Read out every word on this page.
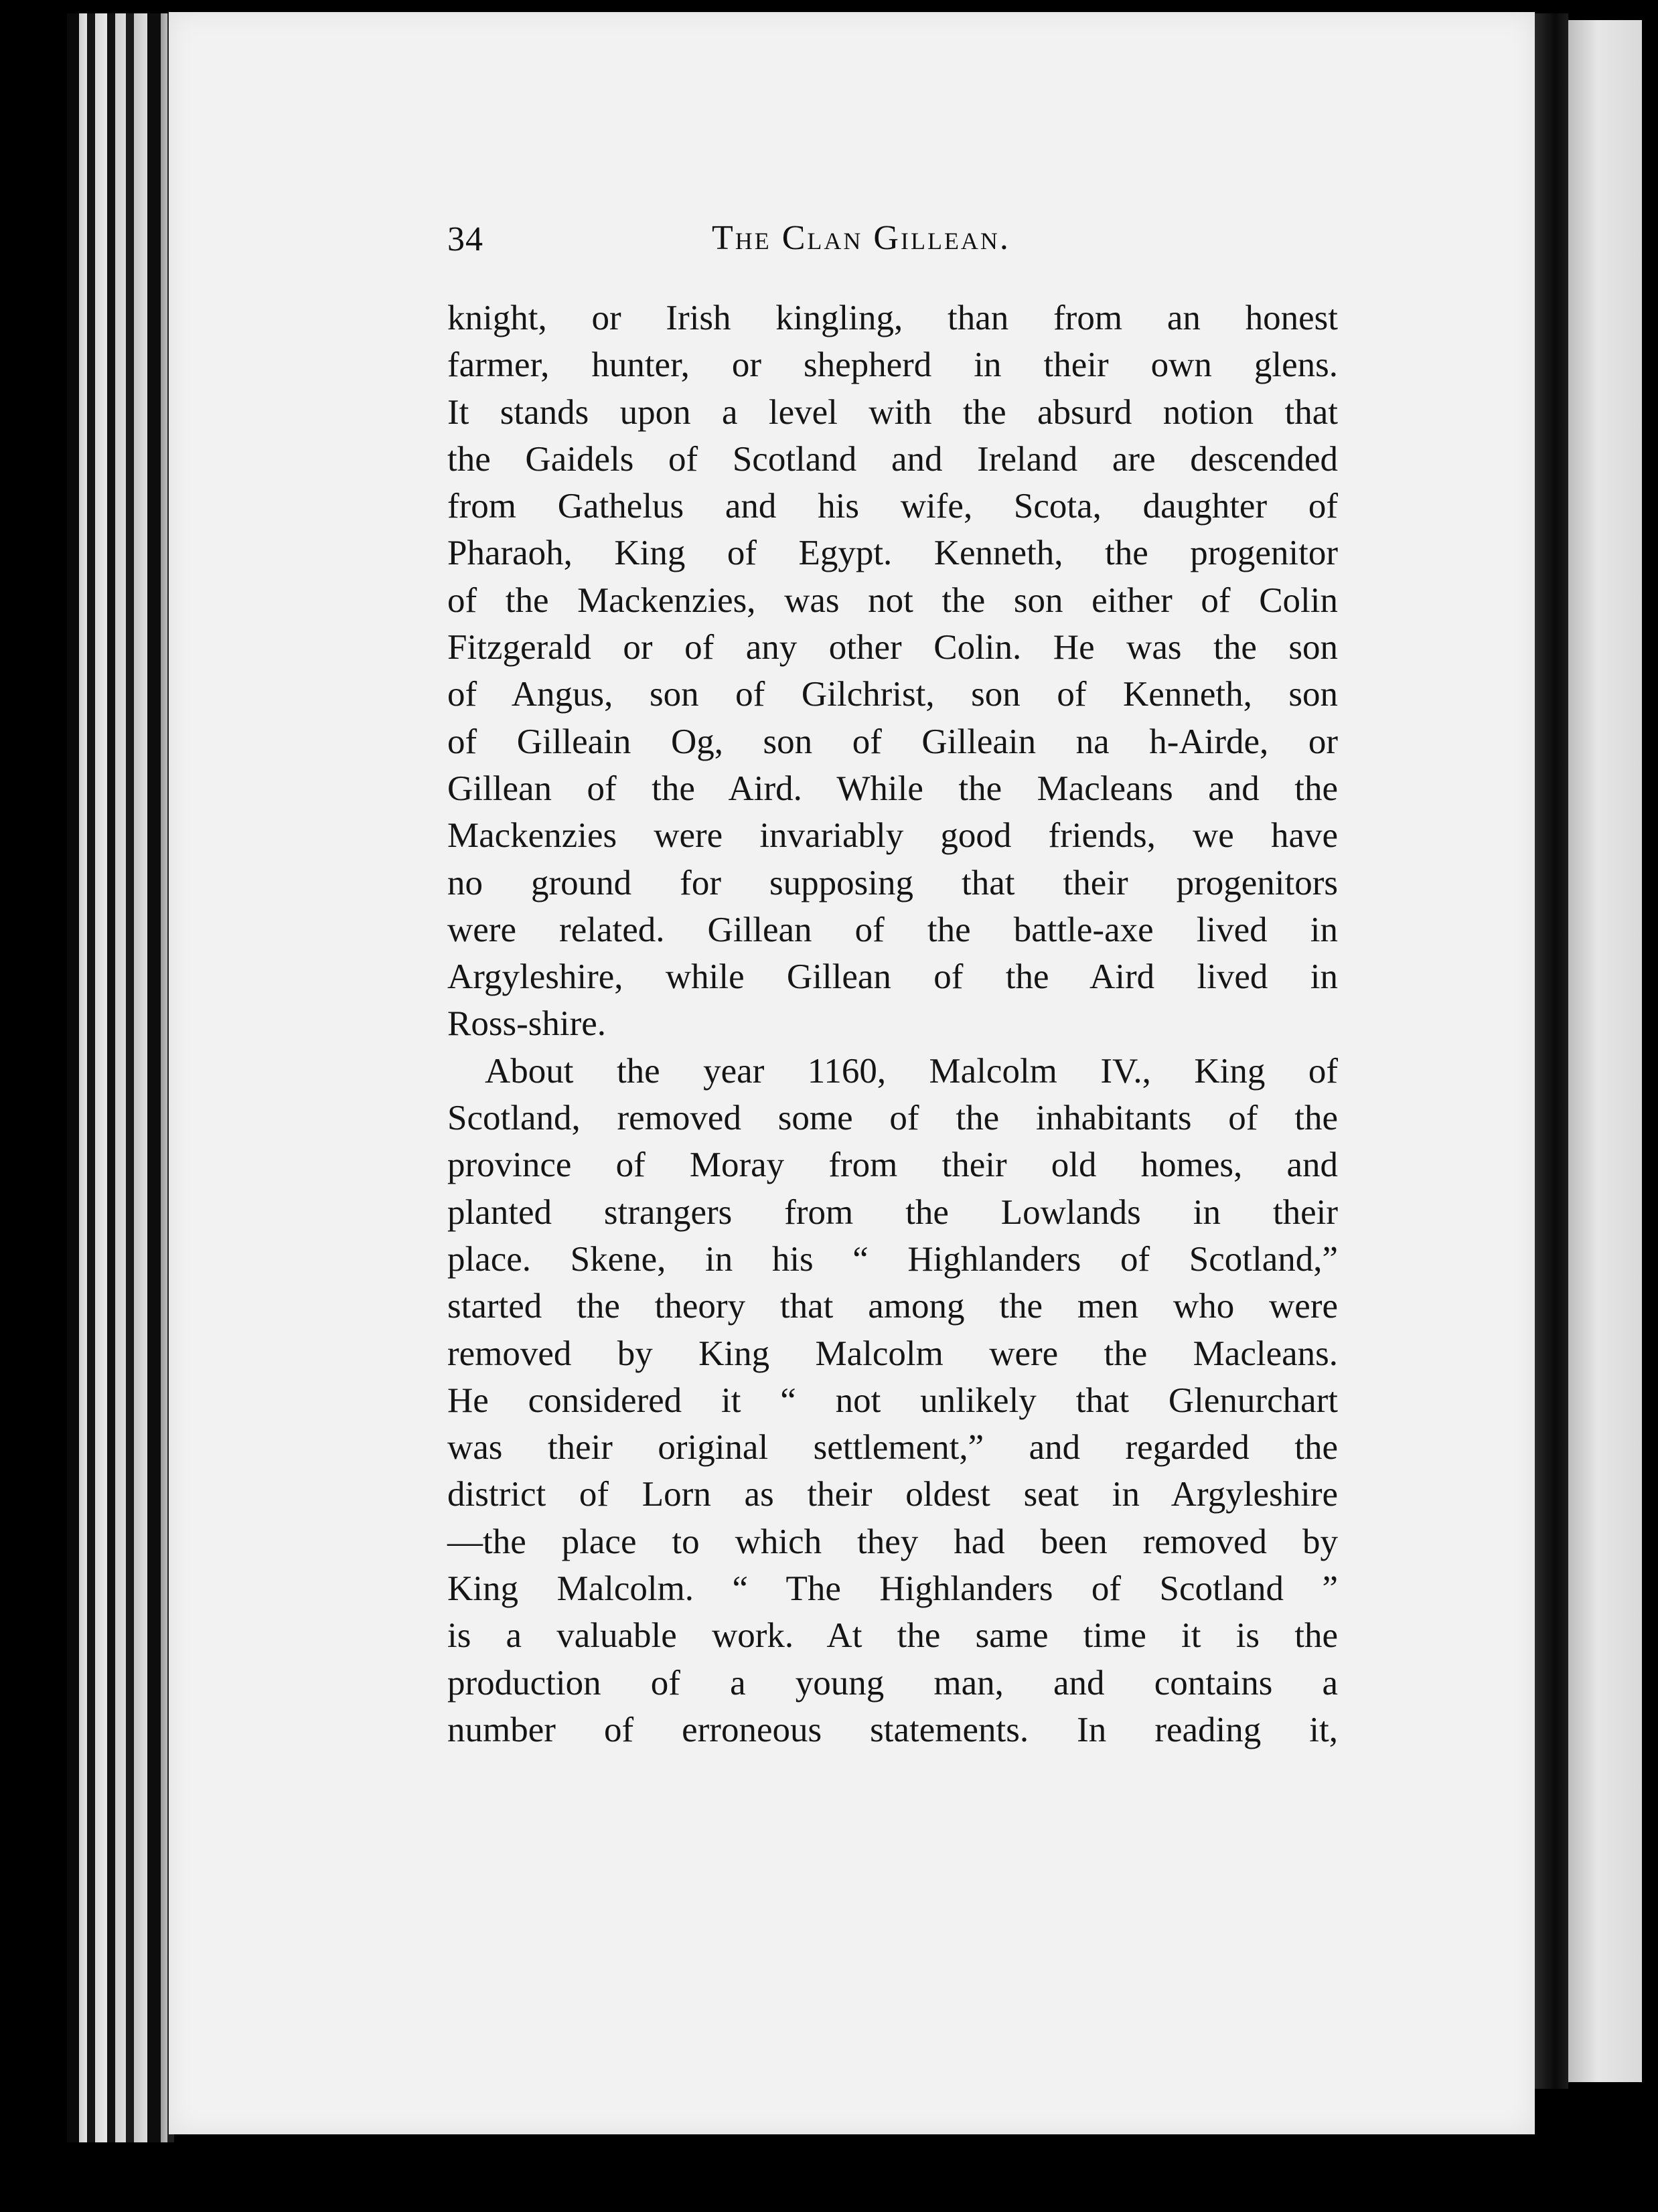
34	The Clan Gillean.
knight, or Irish kingling, than from an honest
farmer, hunter, or shepherd in their own glens.
It stands upon a level with the absurd notion that
the Gaidels of Scotland and Ireland are descended
from Gathelus and his wife, Scota, daughter of
Pharaoh, King of Egypt. Kenneth, the progenitor
of the Mackenzies, was not the son either of Colin
Fitzgerald or of any other Colin. He was the son
of Angus, son of Gilchrist, son of Kenneth, son
of Gilleain Og, son of Gilleain na h-Airde, or
Gillean of the Aird. While the Macleans and the
Mackenzies were invariably good friends, we have
no ground for supposing that their progenitors
were related. Gillean of the battle-axe lived in
Argyleshire, while Gillean of the Aird lived in
Ross-shire.
About the year 1160, Malcolm IV., King of
Scotland, removed some of the inhabitants of the
province of Moray from their old homes, and
planted strangers from the Lowlands in their
place. Skene, in his “ Highlanders of Scotland,”
started the theory that among the men who were
removed by King Malcolm were the Macleans.
He considered it “ not unlikely that Glenurchart
was their original settlement,” and regarded the
district of Lorn as their oldest seat in Argyleshire
—the place to which they had been removed by
King Malcolm. “ The Highlanders of Scotland ”
is a valuable work. At the same time it is the
production of a young man, and contains a
number of erroneous statements. In reading it,
